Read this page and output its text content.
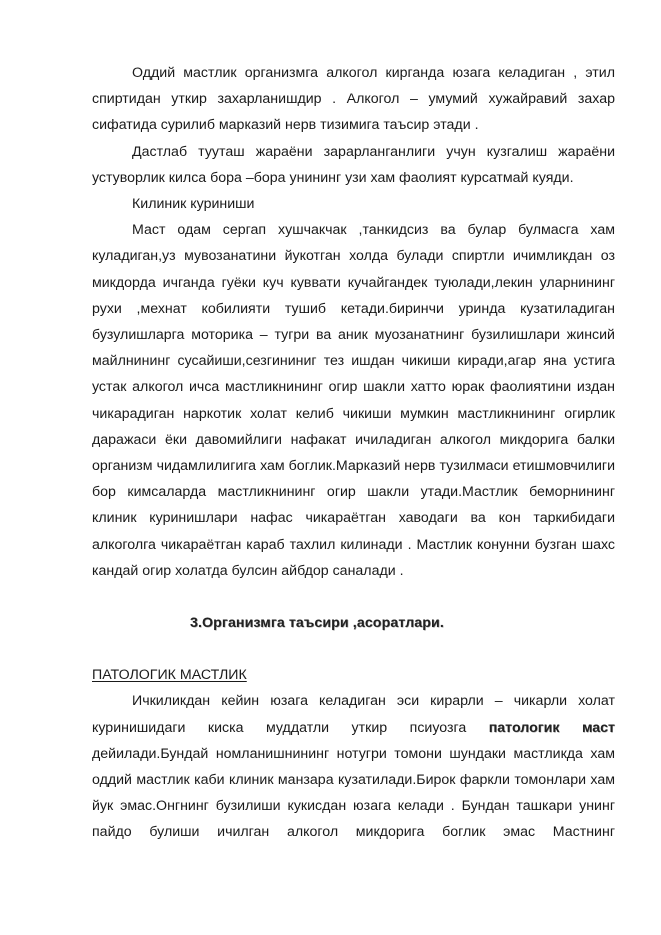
Оддий мастлик организмга алкогол кирганда юзага келадиган , этил спиртидан уткир захарланишдир . Алкогол – умумий хужайравий захар сифатида сурилиб марказий нерв тизимига таъсир этади .

Дастлаб тууташ жараёни зарарланганлиги учун кузгалиш жараёни устуворлик килса бора –бора унининг узи хам фаолият курсатмай куяди.

Килиник куриниши

Маст одам сергап хушчакчак ,танкидсиз ва булар булмасга хам куладиган,уз мувозанатини йукотган холда булади спиртли ичимликдан оз микдорда ичганда гуёки куч куввати кучайгандек туюлади,лекин уларнининг рухи ,мехнат кобилияти тушиб кетади.биринчи уринда кузатиладиган бузулишларга моторика – тугри ва аник муозанатнинг бузилишлари жинсий майлнининг сусайиши,сезгининиг тез ишдан чикиши киради,агар яна устига устак алкогол ичса мастликнининг огир шакли хатто юрак фаолиятини издан чикарадиган наркотик холат келиб чикиши мумкин мастликнининг огирлик даражаси ёки давомийлиги нафакат ичиладиган алкогол микдорига балки организм чидамлилигига хам боглик.Марказий нерв тузилмаси етишмовчилиги бор кимсаларда мастликнининг огир шакли утади.Мастлик беморнининг клиник куринишлари нафас чикараётган хаводаги ва кон таркибидаги алкоголга чикараётган караб тахлил килинади . Мастлик конунни бузган шахс кандай огир холатда булсин айбдор саналади .

3.Организмга таъсири ,асоратлари.

ПАТОЛОГИК МАСТЛИК

Ичкиликдан кейин юзага келадиган эси кирарли – чикарли холат куринишидаги киска муддатли уткир псиуозга патологик маст дейилади.Бундай номланишнининг нотугри томони шундаки мастликда хам оддий мастлик каби клиник манзара кузатилади.Бирок фаркли томонлари хам йук эмас.Онгнинг бузилиши кукисдан юзага келади . Бундан ташкари унинг пайдо булиши ичилган алкогол микдорига боглик эмас Мастнинг
